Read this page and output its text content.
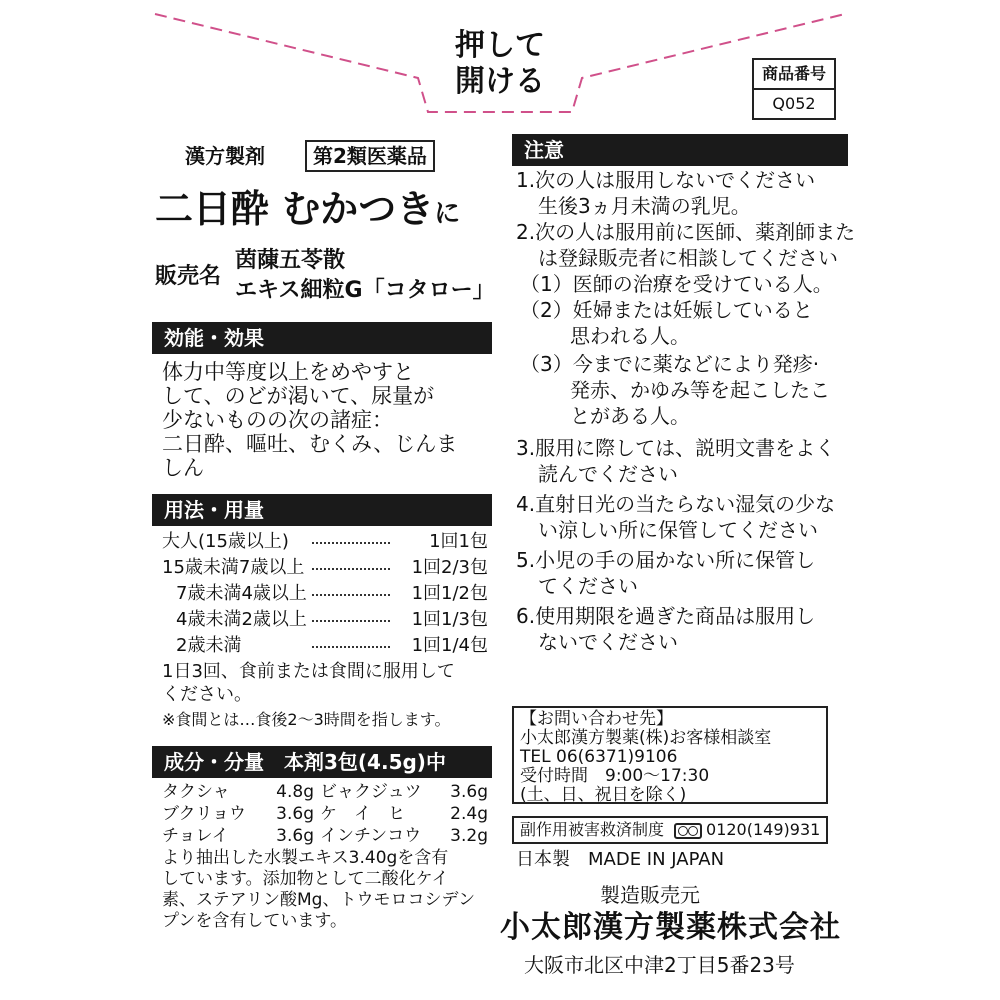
押して
開ける	商品番号
Q052
漢方製剤	第2類医薬品
二日酔 むかつきに
販売名
茵蔯五苓散
エキス細粒G「コタロー」
効能・効果
体力中等度以上をめやすと
して、のどが渇いて、尿量が
少ないものの次の諸症：
二日酔、嘔吐、むくみ、じんま
しん
用法・用量
大人(15歳以上)	1回1包
15歳未満7歳以上	1回2/3包
7歳未満4歳以上	1回1/2包
4歳未満2歳以上	1回1/3包
2歳未満	1回1/4包
1日3回、食前または食間に服用して
ください。
※食間とは…食後2〜3時間を指します。
成分・分量　本剤3包(4.5g)中
タクシャ	4.8g ビャクジュツ 3.6g
ブクリョウ 3.6g ケ　イ　ヒ	2.4g
チョレイ	3.6g インチンコウ 3.2g
より抽出した水製エキス3.40gを含有
しています。添加物として二酸化ケイ
素、ステアリン酸Mg、トウモロコシデン
プンを含有しています。
注意
1.次の人は服用しないでください
生後3ヵ月未満の乳児。
2.次の人は服用前に医師、薬剤師また
は登録販売者に相談してください
（1）医師の治療を受けている人。
（2）妊婦または妊娠していると
思われる人。
（3）今までに薬などにより発疹·
発赤、かゆみ等を起こしたこ
とがある人。
3.服用に際しては、説明文書をよく
読んでください
4.直射日光の当たらない湿気の少な
い涼しい所に保管してください
5.小児の手の届かない所に保管し
てください
6.使用期限を過ぎた商品は服用し
ないでください
【お問い合わせ先】
小太郎漢方製薬(株)お客様相談室
TEL 06(6371)9106
受付時間　9:00〜17:30
(土、日、祝日を除く)
副作用被害救済制度	0120(149)931
日本製　MADE IN JAPAN
製造販売元
小太郎漢方製薬株式会社
大阪市北区中津2丁目5番23号
